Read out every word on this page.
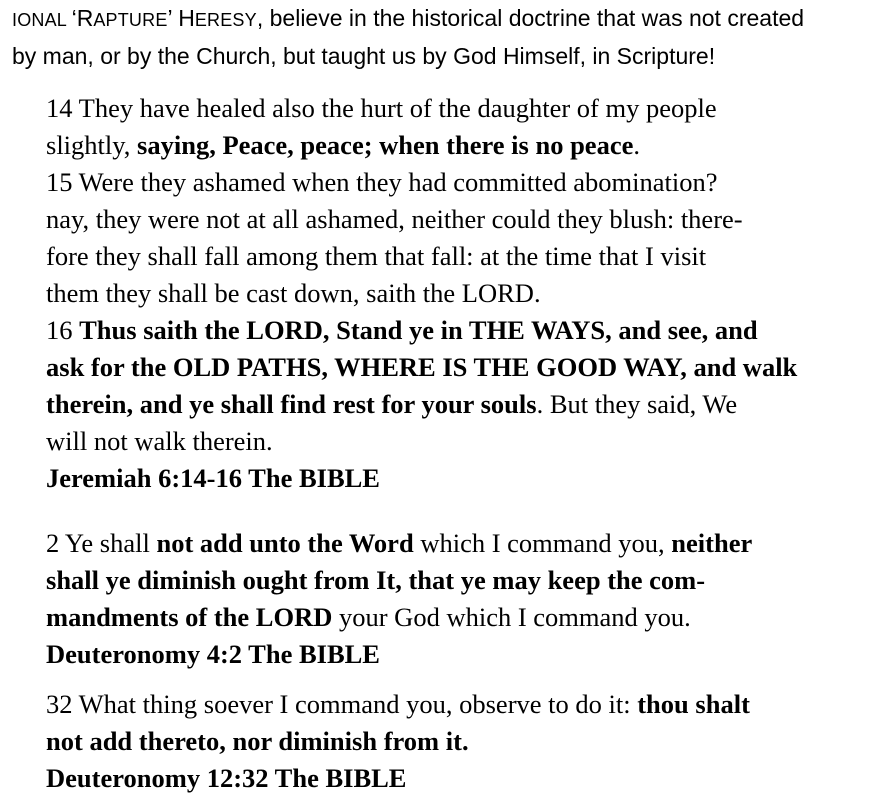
IONAL ‘RAPTURE’ HERESY, believe in the historical doctrine that was not created
by man, or by the Church, but taught us by God Himself, in Scripture!

14 They have healed also the hurt of the daughter of my people
slightly, saying, Peace, peace; when there is no peace.
15 Were they ashamed when they had committed abomination?
nay, they were not at all ashamed, neither could they blush: there-
fore they shall fall among them that fall: at the time that I visit
them they shall be cast down, saith the LORD.
16 Thus saith the LORD, Stand ye in THE WAYS, and see, and
ask for the OLD PATHS, WHERE IS THE GOOD WAY, and walk
therein, and ye shall find rest for your souls. But they said, We
will not walk therein.
Jeremiah 6:14-16 The BIBLE

2 Ye shall not add unto the Word which I command you, neither
shall ye diminish ought from It, that ye may keep the com-
mandments of the LORD your God which I command you.
Deuteronomy 4:2 The BIBLE

32 What thing soever I command you, observe to do it: thou shalt
not add thereto, nor diminish from it.
Deuteronomy 12:32 The BIBLE
